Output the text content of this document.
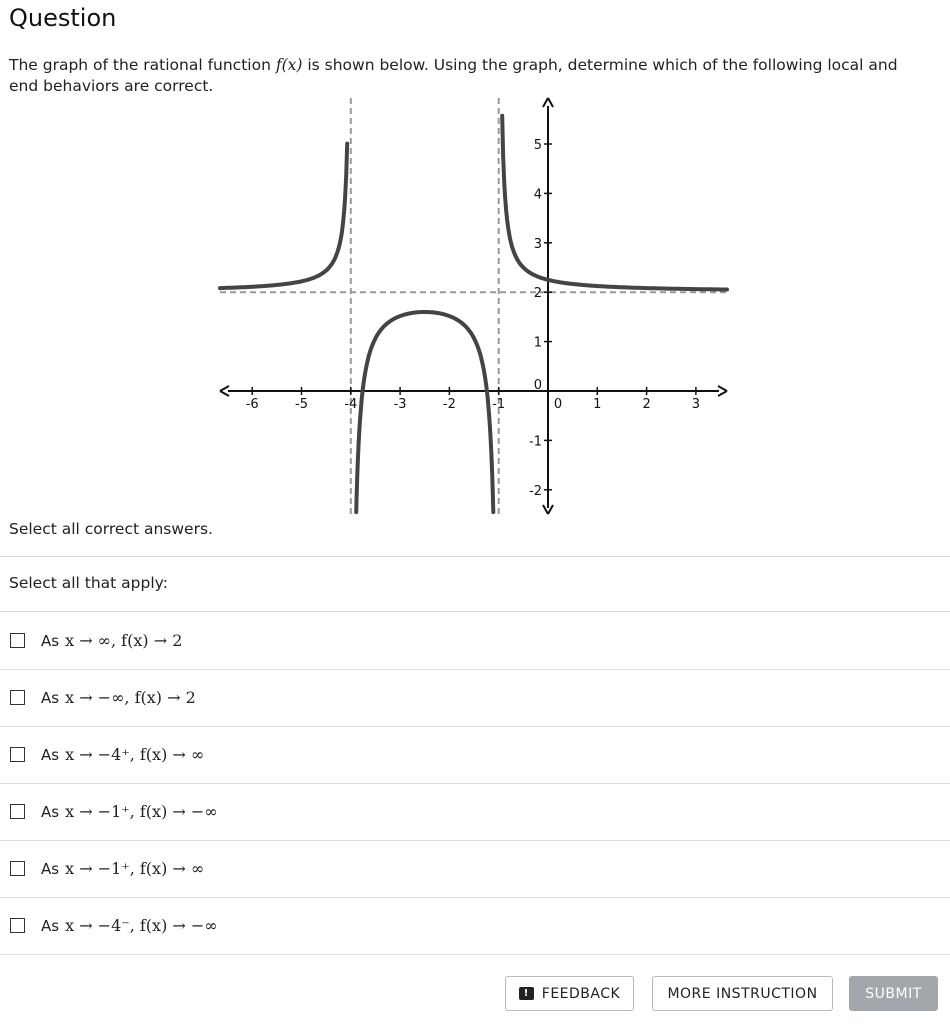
Question
The graph of the rational function f(x) is shown below. Using the graph, determine which of the following local and end behaviors are correct.
-6	-5	-4	-3	-2	-1	0 1	2	3
5
4
3
2
1
0
-1
-2
Select all correct answers.
Select all that apply:
As x → ∞, f(x) → 2
As x → −∞, f(x) → 2
As x → −4⁺, f(x) → ∞
As x → −1⁺, f(x) → −∞
As x → −1⁺, f(x) → ∞
As x → −4⁻, f(x) → −∞
! FEEDBACK	MORE INSTRUCTION	SUBMIT
